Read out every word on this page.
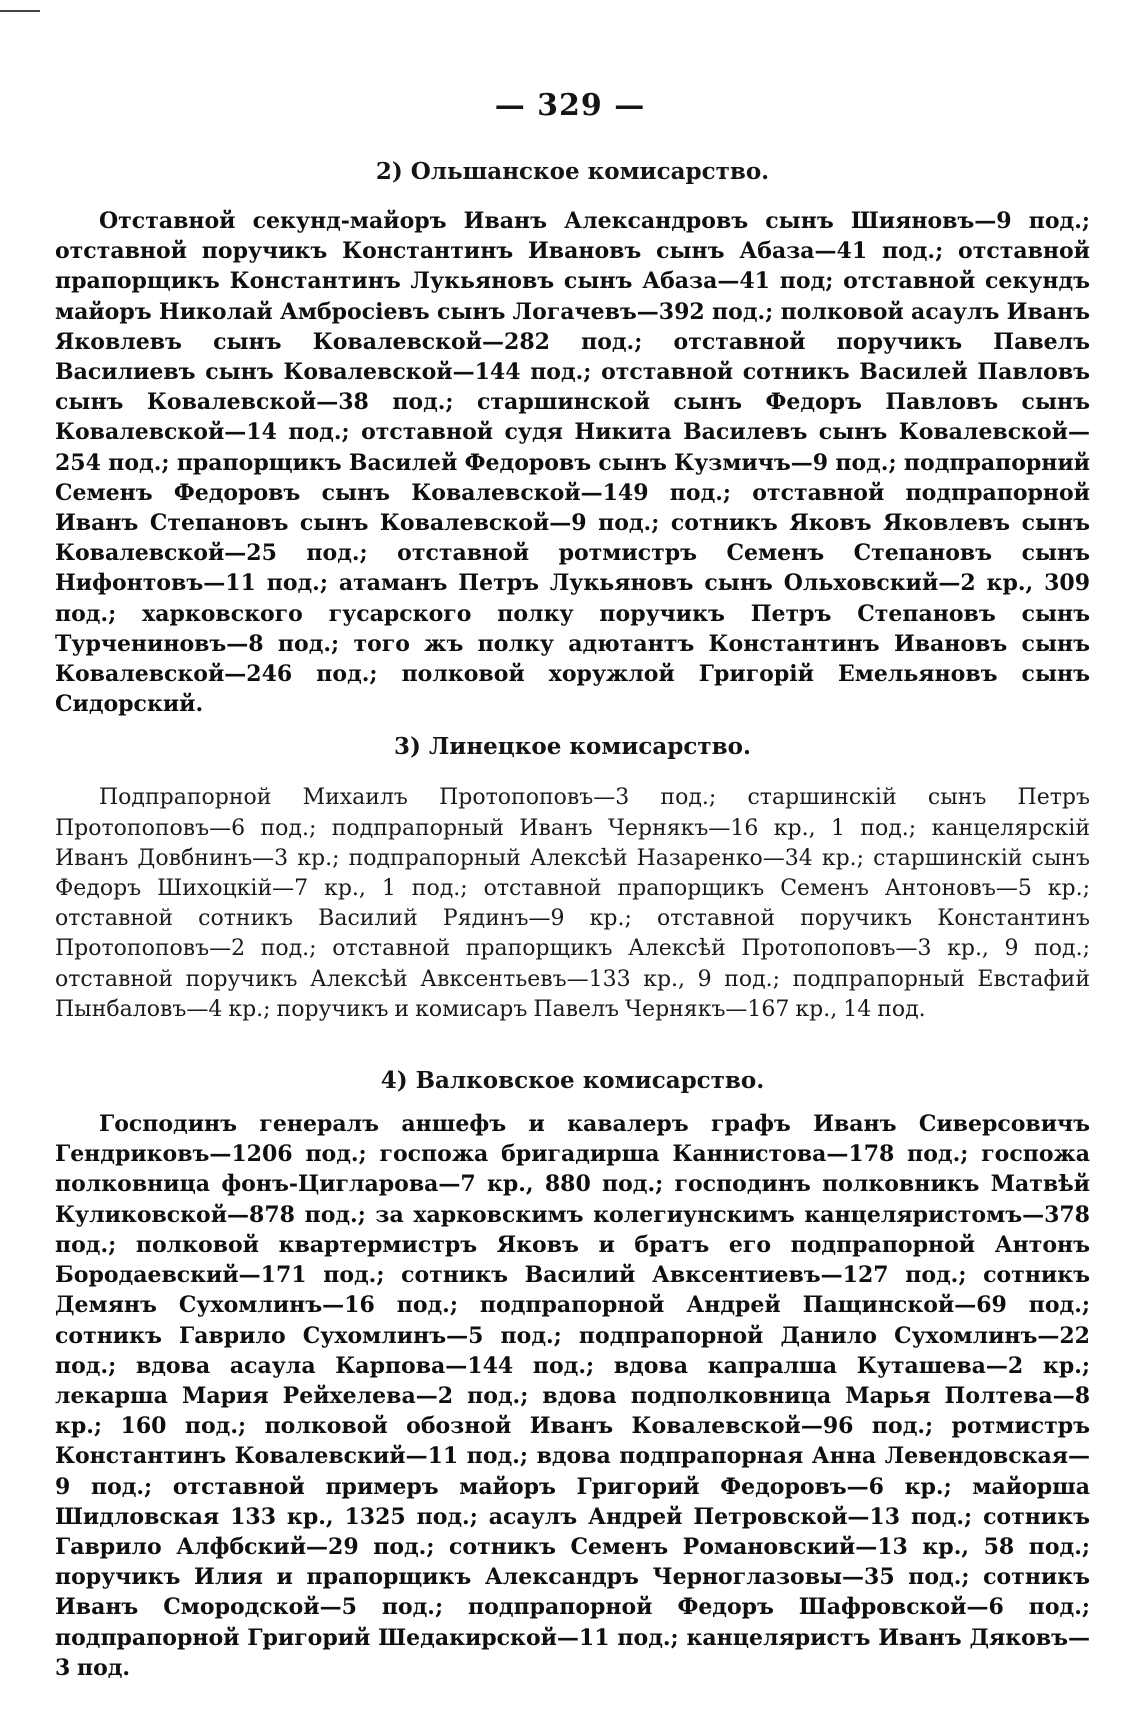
— 329 —
2) Ольшанское комисарство.

Отставной секунд-майоръ Иванъ Александровъ сынъ Шияновъ—9 под.; отставной поручикъ Константинъ Ивановъ сынъ Абаза—41 под.; отставной прапорщикъ Константинъ Лукьяновъ сынъ Абаза—41 под; отставной секундъ майоръ Николай Амбросіевъ сынъ Логачевъ—392 под.; полковой асаулъ Иванъ Яковлевъ сынъ Ковалевской—282 под.; отставной поручикъ Павелъ Василиевъ сынъ Ковалевской—144 под.; отставной сотникъ Василей Павловъ сынъ Ковалевской—38 под.; старшинской сынъ Федоръ Павловъ сынъ Ковалевской—14 под.; отставной судя Никита Василевъ сынъ Ковалевской—254 под.; прапорщикъ Василей Федоровъ сынъ Кузмичъ—9 под.; подпрапорний Семенъ Федоровъ сынъ Ковалевской—149 под.; отставной подпрапорной Иванъ Степановъ сынъ Ковалевской—9 под.; сотникъ Яковъ Яковлевъ сынъ Ковалевской—25 под.; отставной ротмистръ Семенъ Степановъ сынъ Нифонтовъ—11 под.; атаманъ Петръ Лукьяновъ сынъ Ольховский—2 кр., 309 под.; харковского гусарского полку поручикъ Петръ Степановъ сынъ Турчениновъ—8 под.; того жъ полку адютантъ Константинъ Ивановъ сынъ Ковалевской—246 под.; полковой хоружлой Григорій Емельяновъ сынъ Сидорский.

3) Линецкое комисарство.

Подпрапорной Михаилъ Протопоповъ—3 под.; старшинскій сынъ Петръ Протопоповъ—6 под.; подпрапорный Иванъ Чернякъ—16 кр., 1 под.; канцелярскій Иванъ Довбнинъ—3 кр.; подпрапорный Алексѣй Назаренко—34 кр.; старшинскій сынъ Федоръ Шихоцкій—7 кр., 1 под.; отставной прапорщикъ Семенъ Антоновъ—5 кр.; отставной сотникъ Василий Рядинъ—9 кр.; отставной поручикъ Константинъ Протопоповъ—2 под.; отставной прапорщикъ Алексѣй Протопоповъ—3 кр., 9 под.; отставной поручикъ Алексѣй Авксентьевъ—133 кр., 9 под.; подпрапорный Евстафий Пынбаловъ—4 кр.; поручикъ и комисаръ Павелъ Чернякъ—167 кр., 14 под.

4) Валковское комисарство.

Господинъ генералъ аншефъ и кавалеръ графъ Иванъ Сиверсовичъ Гендриковъ—1206 под.; госпожа бригадирша Каннистова—178 под.; госпожа полковница фонъ-Цигларова—7 кр., 880 под.; господинъ полковникъ Матвѣй Куликовской—878 под.; за харковскимъ колегиунскимъ канцеляристомъ—378 под.; полковой квартермистръ Яковъ и братъ его подпрапорной Антонъ Бородаевский—171 под.; сотникъ Василий Авксентиевъ—127 под.; сотникъ Демянъ Сухомлинъ—16 под.; подпрапорной Андрей Пащинской—69 под.; сотникъ Гаврило Сухомлинъ—5 под.; подпрапорной Данило Сухомлинъ—22 под.; вдова асаула Карпова—144 под.; вдова капралша Куташева—2 кр.; лекарша Мария Рейхелева—2 под.; вдова подполковница Марья Полтева—8 кр.; 160 под.; полковой обозной Иванъ Ковалевской—96 под.; ротмистръ Константинъ Ковалевский—11 под.; вдова подпрапорная Анна Левендовская—9 под.; отставной примеръ майоръ Григорий Федоровъ—6 кр.; майорша Шидловская 133 кр., 1325 под.; асаулъ Андрей Петровской—13 под.; сотникъ Гаврило Алфбский—29 под.; сотникъ Семенъ Романовский—13 кр., 58 под.; поручикъ Илия и прапорщикъ Александръ Черноглазовы—35 под.; сотникъ Иванъ Смородской—5 под.; подпрапорной Федоръ Шафровской—6 под.; подпрапорной Григорий Шедакирской—11 под.; канцеляристъ Иванъ Дяковъ—3 под.
